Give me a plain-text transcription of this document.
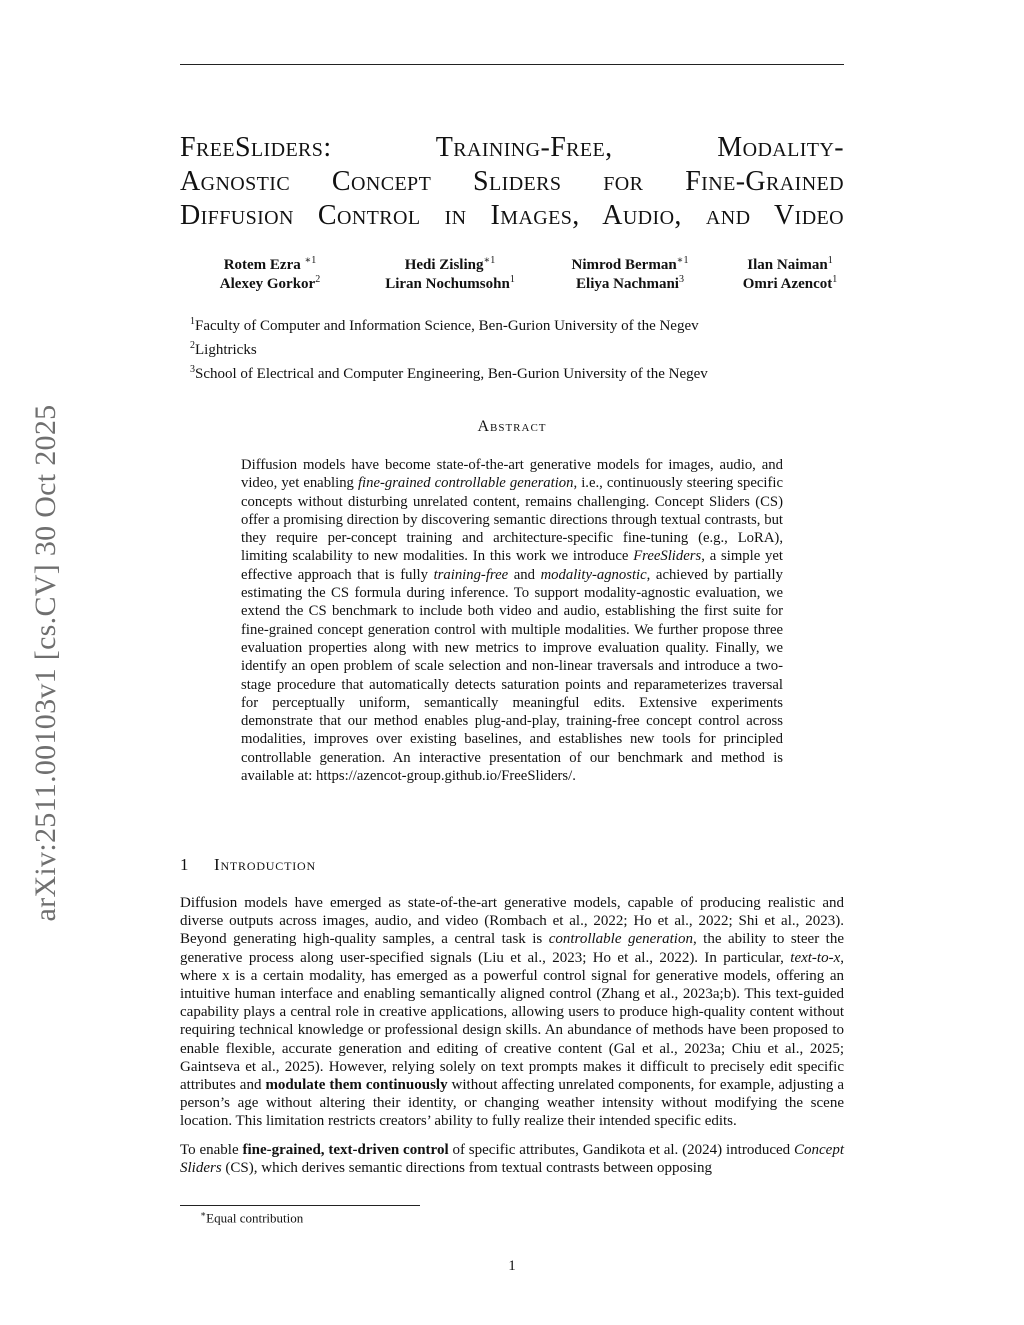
arXiv:2511.00103v1 [cs.CV] 30 Oct 2025
FreeSliders: Training-Free, Modality-
Agnostic Concept Sliders for Fine-Grained
Diffusion Control in Images, Audio, and Video
Rotem Ezra $^{∗1}$	Hedi Zisling$^{∗1}$	Nimrod Berman$^{∗1}$	Ilan Naiman$^1$
Alexey Gorkor$^2$	Liran Nochumsohn$^1$	Eliya Nachmani$^3$	Omri Azencot$^1$
$^1$Faculty of Computer and Information Science, Ben-Gurion University of the Negev
$^2$Lightricks
$^3$School of Electrical and Computer Engineering, Ben-Gurion University of the Negev
Abstract
Diffusion models have become state-of-the-art generative models for images, audio, and video, yet enabling fine-grained controllable generation, i.e., continuously steering specific concepts without disturbing unrelated content, remains challenging. Concept Sliders (CS) offer a promising direction by discovering semantic directions through textual contrasts, but they require per-concept training and architecture-specific fine-tuning (e.g., LoRA), limiting scalability to new modalities. In this work we introduce FreeSliders, a simple yet effective approach that is fully training-free and modality-agnostic, achieved by partially estimating the CS formula during inference. To support modality-agnostic evaluation, we extend the CS benchmark to include both video and audio, establishing the first suite for fine-grained concept generation control with multiple modalities. We further propose three evaluation properties along with new metrics to improve evaluation quality. Finally, we identify an open problem of scale selection and non-linear traversals and introduce a two-stage procedure that automatically detects saturation points and reparameterizes traversal for perceptually uniform, semantically meaningful edits. Extensive experiments demonstrate that our method enables plug-and-play, training-free concept control across modalities, improves over existing baselines, and establishes new tools for principled controllable generation. An interactive presentation of our benchmark and method is available at: https://azencot-group.github.io/FreeSliders/.
1 Introduction
Diffusion models have emerged as state-of-the-art generative models, capable of producing realistic and diverse outputs across images, audio, and video (Rombach et al., 2022; Ho et al., 2022; Shi et al., 2023). Beyond generating high-quality samples, a central task is controllable generation, the ability to steer the generative process along user-specified signals (Liu et al., 2023; Ho et al., 2022). In particular, text-to-x, where x is a certain modality, has emerged as a powerful control signal for generative models, offering an intuitive human interface and enabling semantically aligned control (Zhang et al., 2023a;b). This text-guided capability plays a central role in creative applications, allowing users to produce high-quality content without requiring technical knowledge or professional design skills. An abundance of methods have been proposed to enable flexible, accurate generation and editing of creative content (Gal et al., 2023a; Chiu et al., 2025; Gaintseva et al., 2025). However, relying solely on text prompts makes it difficult to precisely edit specific attributes and modulate them continuously without affecting unrelated components, for example, adjusting a person’s age without altering their identity, or changing weather intensity without modifying the scene location. This limitation restricts creators’ ability to fully realize their intended specific edits.
To enable fine-grained, text-driven control of specific attributes, Gandikota et al. (2024) introduced Concept Sliders (CS), which derives semantic directions from textual contrasts between opposing
∗Equal contribution
1
